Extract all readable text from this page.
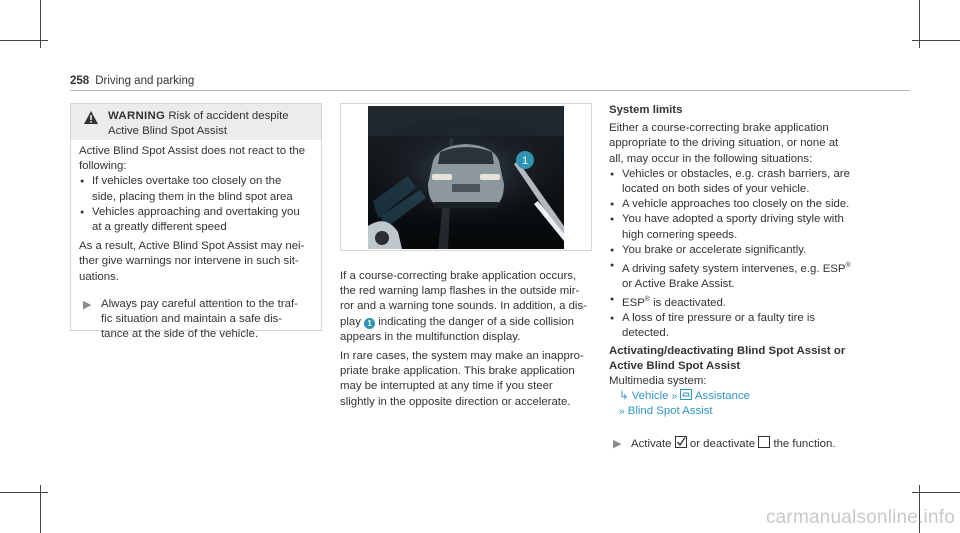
258 Driving and parking
WARNING Risk of accident despite
Active Blind Spot Assist
Active Blind Spot Assist does not react to the
following:
● If vehicles overtake too closely on the
side, placing them in the blind spot area
● Vehicles approaching and overtaking you
at a greatly different speed
As a result, Active Blind Spot Assist may nei-
ther give warnings nor intervene in such sit-
uations.
▶ Always pay careful attention to the traf-
fic situation and maintain a safe dis-
tance at the side of the vehicle.
1
If a course-correcting brake application occurs,
the red warning lamp flashes in the outside mir-
ror and a warning tone sounds. In addition, a dis-
play 1 indicating the danger of a side collision
appears in the multifunction display.
In rare cases, the system may make an inappro-
priate brake application. This brake application
may be interrupted at any time if you steer
slightly in the opposite direction or accelerate.
System limits
Either a course-correcting brake application
appropriate to the driving situation, or none at
all, may occur in the following situations:
● Vehicles or obstacles, e.g. crash barriers, are
located on both sides of your vehicle.
● A vehicle approaches too closely on the side.
● You have adopted a sporty driving style with
high cornering speeds.
● You brake or accelerate significantly.
● A driving safety system intervenes, e.g. ESP®
or Active Brake Assist.
● ESP® is deactivated.
● A loss of tire pressure or a faulty tire is
detected.
Activating/deactivating Blind Spot Assist or
Active Blind Spot Assist
Multimedia system:
↳ Vehicle » Assistance
» Blind Spot Assist
▶ Activate or deactivate the function.
carmanualsonline.info
